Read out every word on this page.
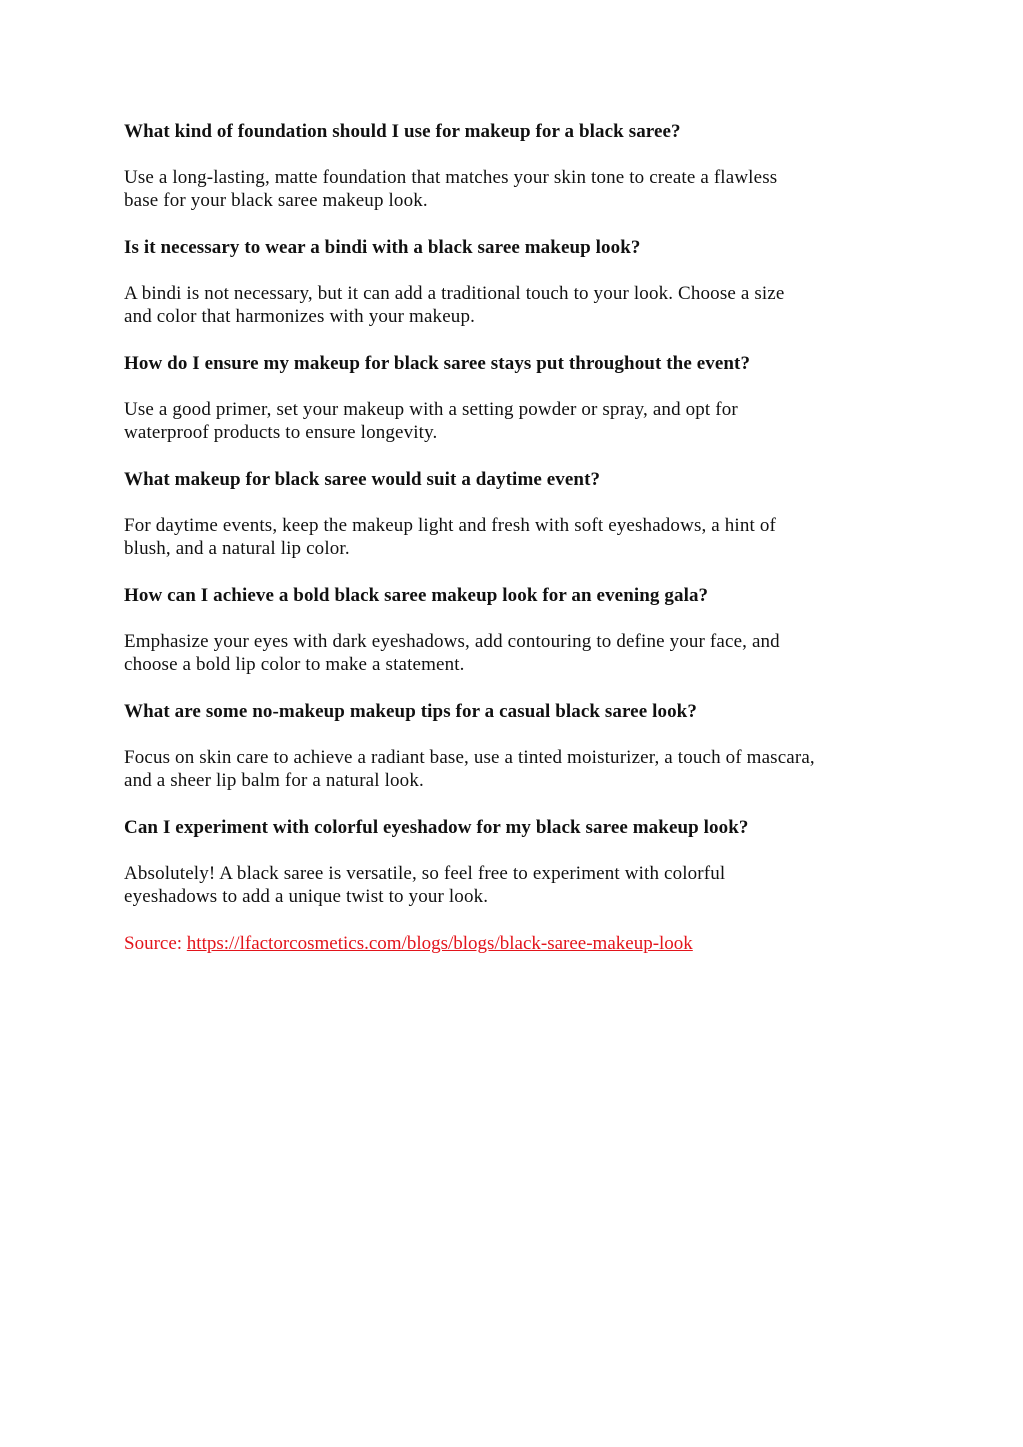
What kind of foundation should I use for makeup for a black saree?

Use a long-lasting, matte foundation that matches your skin tone to create a flawless
base for your black saree makeup look.

Is it necessary to wear a bindi with a black saree makeup look?

A bindi is not necessary, but it can add a traditional touch to your look. Choose a size
and color that harmonizes with your makeup.

How do I ensure my makeup for black saree stays put throughout the event?

Use a good primer, set your makeup with a setting powder or spray, and opt for
waterproof products to ensure longevity.

What makeup for black saree would suit a daytime event?

For daytime events, keep the makeup light and fresh with soft eyeshadows, a hint of
blush, and a natural lip color.

How can I achieve a bold black saree makeup look for an evening gala?

Emphasize your eyes with dark eyeshadows, add contouring to define your face, and
choose a bold lip color to make a statement.

What are some no-makeup makeup tips for a casual black saree look?

Focus on skin care to achieve a radiant base, use a tinted moisturizer, a touch of mascara,
and a sheer lip balm for a natural look.

Can I experiment with colorful eyeshadow for my black saree makeup look?

Absolutely! A black saree is versatile, so feel free to experiment with colorful
eyeshadows to add a unique twist to your look.

Source: https://lfactorcosmetics.com/blogs/blogs/black-saree-makeup-look
